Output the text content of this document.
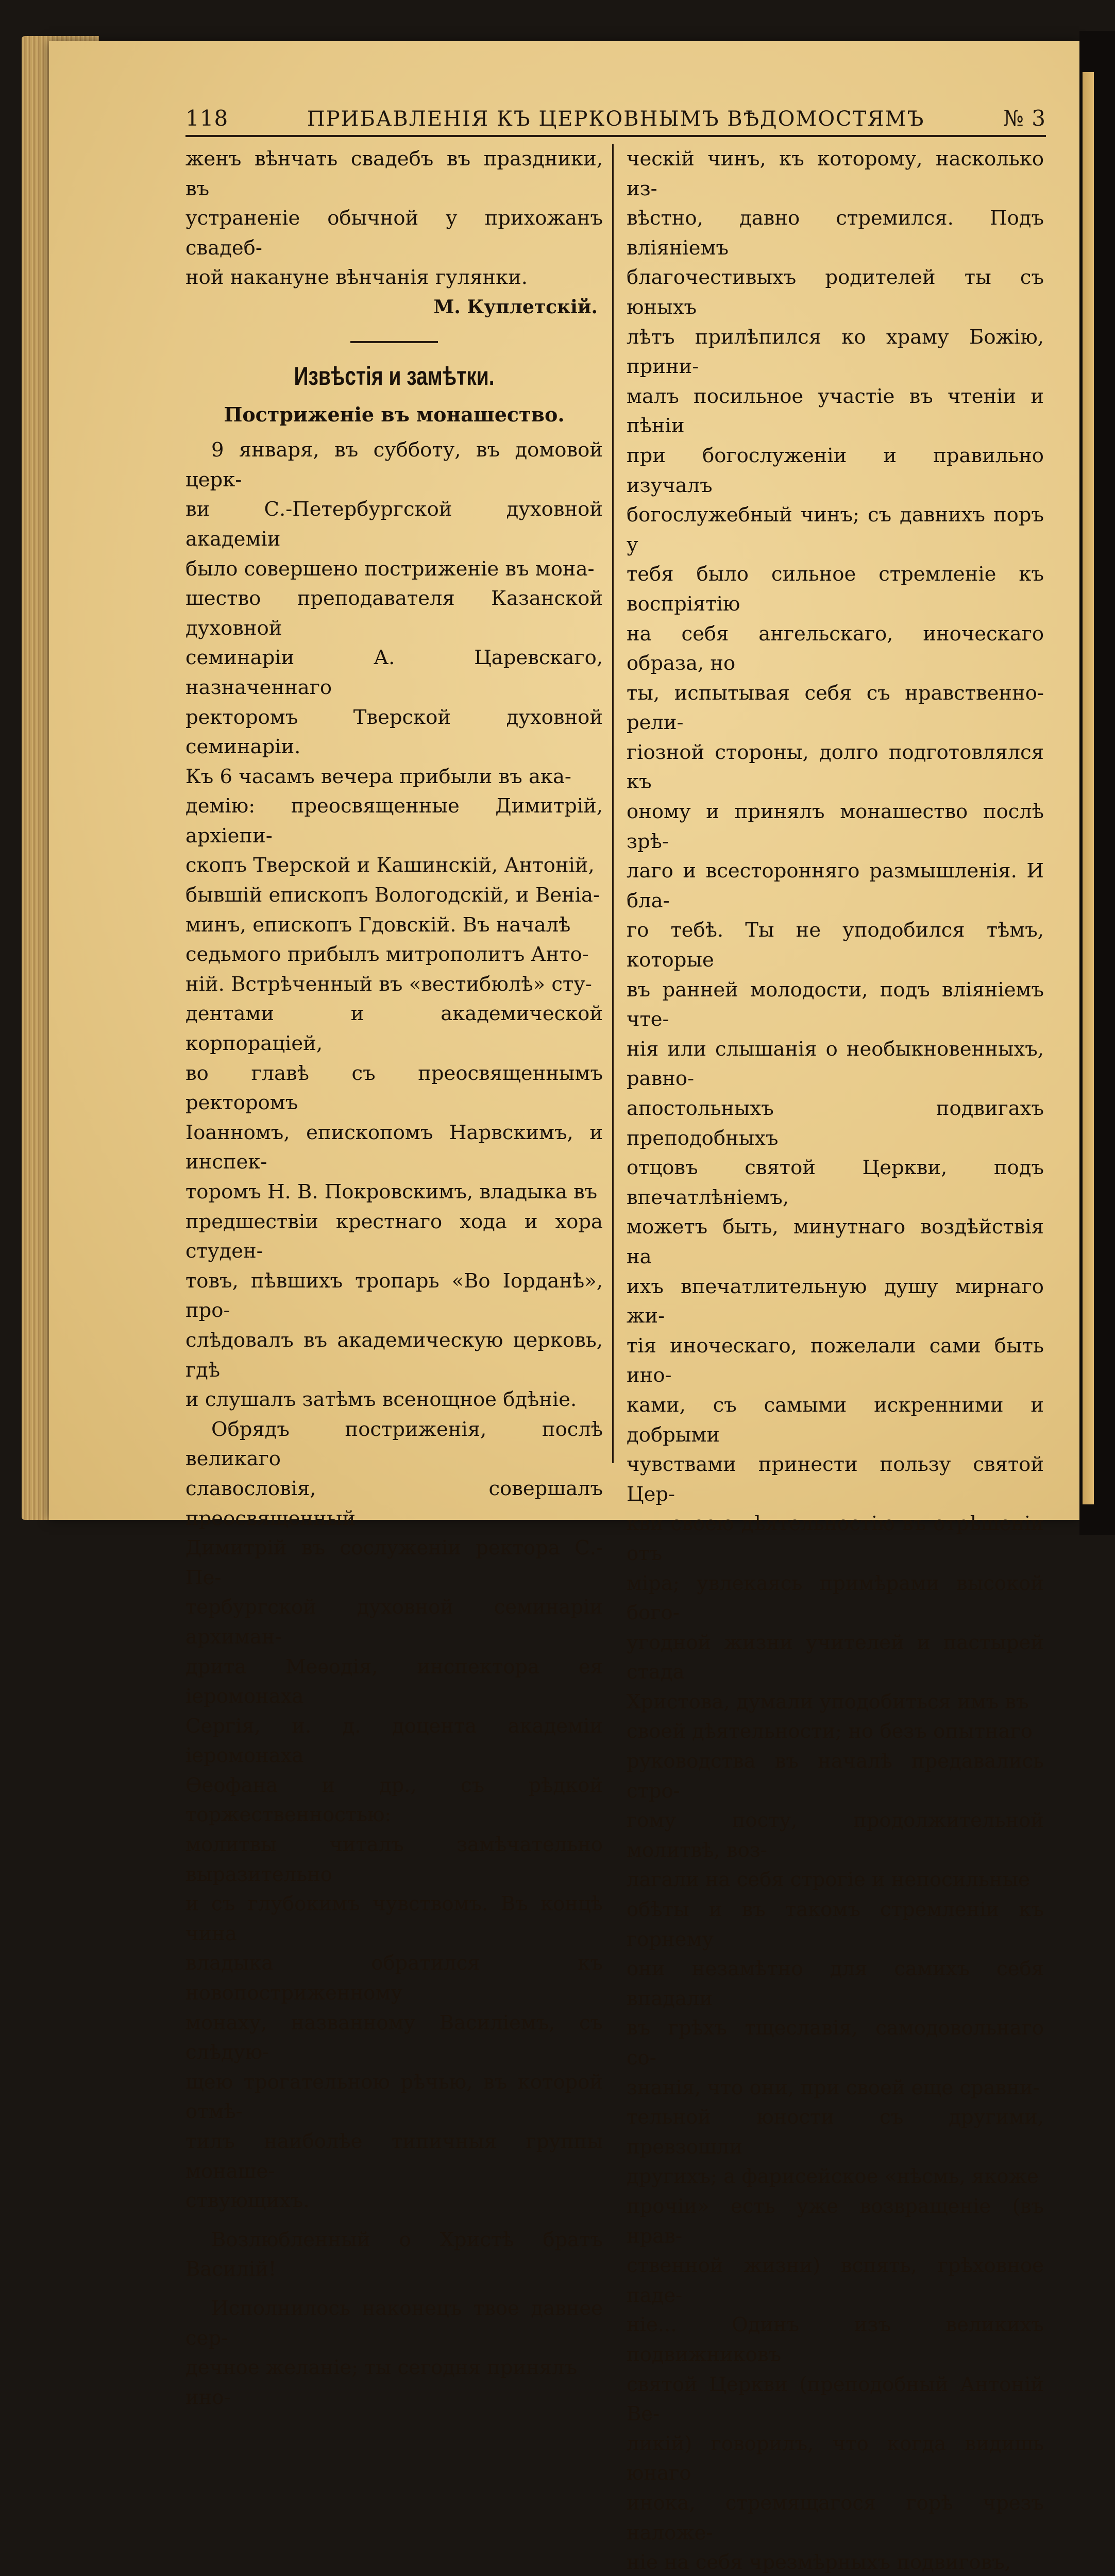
118	ПРИБАВЛЕНІЯ КЪ ЦЕРКОВНЫМЪ ВѢДОМОСТЯМЪ	№ 3

женъ вѣнчать свадебъ въ праздники, въ

устраненіе обычной у прихожанъ свадеб-

ной накануне вѣнчанія гулянки.

М. Куплетскій.

Извѣстія и замѣтки.

Постриженіе въ монашество.

9 января, въ субботу, въ домовой церк-

ви С.-Петербургской духовной академіи

было совершено постриженіе въ мона-

шество преподавателя Казанской духовной

семинаріи А. Царевскаго, назначеннаго

ректоромъ Тверской духовной семинаріи.

Къ 6 часамъ вечера прибыли въ ака-

демію: преосвященные Димитрій, архіепи-

скопъ Тверской и Кашинскій, Антоній,

бывшій епископъ Вологодскій, и Веніа-

минъ, епископъ Гдовскій. Въ началѣ

седьмого прибылъ митрополитъ Анто-

ній. Встрѣченный въ «вестибюлѣ» сту-

дентами и академической корпораціей,

во главѣ съ преосвященнымъ ректоромъ

Іоанномъ, епископомъ Нарвскимъ, и инспек-

торомъ Н. В. Покровскимъ, владыка въ

предшествіи крестнаго хода и хора студен-

товъ, пѣвшихъ тропарь «Во Іорданѣ», про-

слѣдовалъ въ академическую церковь, гдѣ

и слушалъ затѣмъ всенощное бдѣніе.

Обрядъ постриженія, послѣ великаго

славословія, совершалъ преосвященный

Димитрій въ сослуженіи ректора С.-Пе-

тербургской духовной семинаріи архиман-

дрита Меѳодія, инспектора ея іеромонаха

Сергія, и. д. доцента академіи іеромонаха

Ѳеофана и др., съ рѣдкой торжественностью:

молитвы читалъ замѣчательно выразительно

и съ глубокимъ чувствомъ. Въ концѣ чина

владыка обратился къ новопостриженному

монаху, названному Василіемъ, съ слѣдую-

щею трогательною рѣчью, въ которой отмѣ-

тилъ наиболѣе типичныя группы монаше-

ствующихъ.

Возлюбленный о Христѣ братъ Василій!

Исполнилось наконецъ твое давнее сер-

дечное желаніе; ты сегодня принялъ ино-

ческій чинъ, къ которому, насколько из-

вѣстно, давно стремился. Подъ вліяніемъ

благочестивыхъ родителей ты съ юныхъ

лѣтъ прилѣпился ко храму Божію, прини-

малъ посильное участіе въ чтеніи и пѣніи

при богослуженіи и правильно изучалъ

богослужебный чинъ; съ давнихъ поръ у

тебя было сильное стремленіе къ воспріятію

на себя ангельскаго, иноческаго образа, но

ты, испытывая себя съ нравственно-рели-

гіозной стороны, долго подготовлялся къ

оному и принялъ монашество послѣ зрѣ-

лаго и всесторонняго размышленія. И бла-

го тебѣ. Ты не уподобился тѣмъ, которые

въ ранней молодости, подъ вліяніемъ чте-

нія или слышанія о необыкновенныхъ, равно-

апостольныхъ подвигахъ преподобныхъ

отцовъ святой Церкви, подъ впечатлѣніемъ,

можетъ быть, минутнаго воздѣйствія на

ихъ впечатлительную душу мирнаго жи-

тія иноческаго, пожелали сами быть ино-

ками, съ самыми искренними и добрыми

чувствами принести пользу святой Цер-

кви своею дѣятельностію въ отрѣшеніи отъ

міра; увлекаясь примѣрами высокой бого-

угодной жизни учителей и пастырей стада

Христова, думали уподобиться имъ въ

своей дѣятельности; но безъ опытнаго

руководства въ началѣ предавались стро-

гому посту, продолжительной молитвѣ, воз-

лагали на себя строгіе и непосильные

обѣты и въ такомъ стремленіи къ горнему

они незамѣтно для самихъ себя впадали

въ грѣхъ тщеславія, самодовольнаго со-

знанія, что они, при своей еще сравни-

тельной юности съ другими, превзошли

другихъ; а фарисейское «нѣсмь, якоже

прочіи» есть уже возвращеніе (въ нрав-

ственной жизни) вспять, грѣховное паде-

ніе... Одинъ изъ великихъ подвижниковъ

святой Церкви (преподобный Антоній Ве-

ликій) говорилъ, что когда видишь юнаго

инока, стремящагося горѣ чрезъ наложе-

ніе на себя чрезмѣрныхъ подвиговъ,
